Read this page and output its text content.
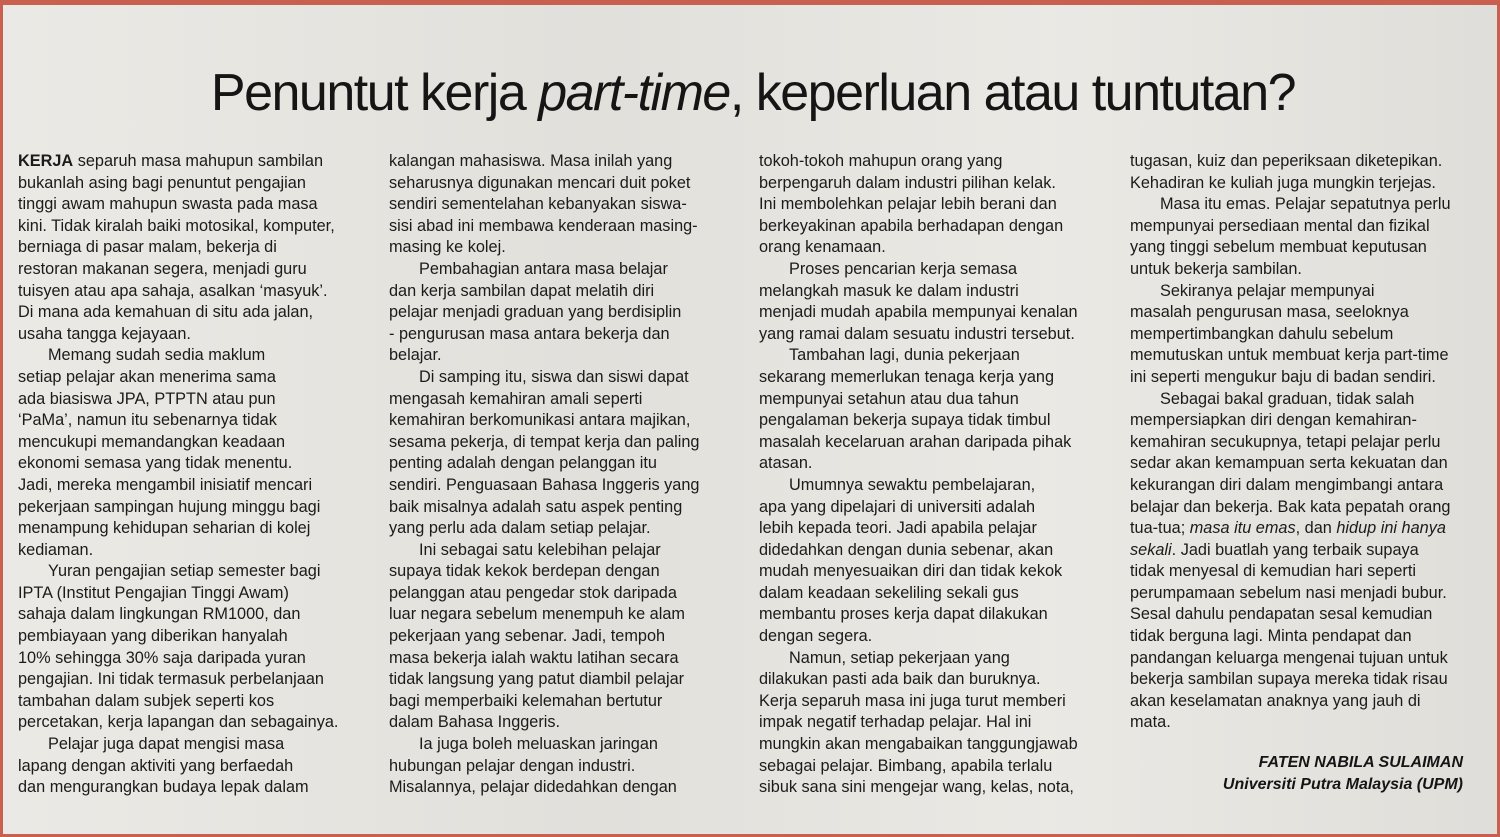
Penuntut kerja part-time, keperluan atau tuntutan?
KERJA separuh masa mahupun sambilan
bukanlah asing bagi penuntut pengajian
tinggi awam mahupun swasta pada masa
kini. Tidak kiralah baiki motosikal, komputer,
berniaga di pasar malam, bekerja di
restoran makanan segera, menjadi guru
tuisyen atau apa sahaja, asalkan ‘masyuk’.
Di mana ada kemahuan di situ ada jalan,
usaha tangga kejayaan.
Memang sudah sedia maklum
setiap pelajar akan menerima sama
ada biasiswa JPA, PTPTN atau pun
‘PaMa’, namun itu sebenarnya tidak
mencukupi memandangkan keadaan
ekonomi semasa yang tidak menentu.
Jadi, mereka mengambil inisiatif mencari
pekerjaan sampingan hujung minggu bagi
menampung kehidupan seharian di kolej
kediaman.
Yuran pengajian setiap semester bagi
IPTA (Institut Pengajian Tinggi Awam)
sahaja dalam lingkungan RM1000, dan
pembiayaan yang diberikan hanyalah
10% sehingga 30% saja daripada yuran
pengajian. Ini tidak termasuk perbelanjaan
tambahan dalam subjek seperti kos
percetakan, kerja lapangan dan sebagainya.
Pelajar juga dapat mengisi masa
lapang dengan aktiviti yang berfaedah
dan mengurangkan budaya lepak dalam
kalangan mahasiswa. Masa inilah yang
seharusnya digunakan mencari duit poket
sendiri sementelahan kebanyakan siswa-
sisi abad ini membawa kenderaan masing-
masing ke kolej.
Pembahagian antara masa belajar
dan kerja sambilan dapat melatih diri
pelajar menjadi graduan yang berdisiplin
- pengurusan masa antara bekerja dan
belajar.
Di samping itu, siswa dan siswi dapat
mengasah kemahiran amali seperti
kemahiran berkomunikasi antara majikan,
sesama pekerja, di tempat kerja dan paling
penting adalah dengan pelanggan itu
sendiri. Penguasaan Bahasa Inggeris yang
baik misalnya adalah satu aspek penting
yang perlu ada dalam setiap pelajar.
Ini sebagai satu kelebihan pelajar
supaya tidak kekok berdepan dengan
pelanggan atau pengedar stok daripada
luar negara sebelum menempuh ke alam
pekerjaan yang sebenar. Jadi, tempoh
masa bekerja ialah waktu latihan secara
tidak langsung yang patut diambil pelajar
bagi memperbaiki kelemahan bertutur
dalam Bahasa Inggeris.
Ia juga boleh meluaskan jaringan
hubungan pelajar dengan industri.
Misalannya, pelajar didedahkan dengan
tokoh-tokoh mahupun orang yang
berpengaruh dalam industri pilihan kelak.
Ini membolehkan pelajar lebih berani dan
berkeyakinan apabila berhadapan dengan
orang kenamaan.
Proses pencarian kerja semasa
melangkah masuk ke dalam industri
menjadi mudah apabila mempunyai kenalan
yang ramai dalam sesuatu industri tersebut.
Tambahan lagi, dunia pekerjaan
sekarang memerlukan tenaga kerja yang
mempunyai setahun atau dua tahun
pengalaman bekerja supaya tidak timbul
masalah kecelaruan arahan daripada pihak
atasan.
Umumnya sewaktu pembelajaran,
apa yang dipelajari di universiti adalah
lebih kepada teori. Jadi apabila pelajar
didedahkan dengan dunia sebenar, akan
mudah menyesuaikan diri dan tidak kekok
dalam keadaan sekeliling sekali gus
membantu proses kerja dapat dilakukan
dengan segera.
Namun, setiap pekerjaan yang
dilakukan pasti ada baik dan buruknya.
Kerja separuh masa ini juga turut memberi
impak negatif terhadap pelajar. Hal ini
mungkin akan mengabaikan tanggungjawab
sebagai pelajar. Bimbang, apabila terlalu
sibuk sana sini mengejar wang, kelas, nota,
tugasan, kuiz dan peperiksaan diketepikan.
Kehadiran ke kuliah juga mungkin terjejas.
Masa itu emas. Pelajar sepatutnya perlu
mempunyai persediaan mental dan fizikal
yang tinggi sebelum membuat keputusan
untuk bekerja sambilan.
Sekiranya pelajar mempunyai
masalah pengurusan masa, seeloknya
mempertimbangkan dahulu sebelum
memutuskan untuk membuat kerja part-time
ini seperti mengukur baju di badan sendiri.
Sebagai bakal graduan, tidak salah
mempersiapkan diri dengan kemahiran-
kemahiran secukupnya, tetapi pelajar perlu
sedar akan kemampuan serta kekuatan dan
kekurangan diri dalam mengimbangi antara
belajar dan bekerja. Bak kata pepatah orang
tua-tua; masa itu emas, dan hidup ini hanya
sekali. Jadi buatlah yang terbaik supaya
tidak menyesal di kemudian hari seperti
perumpamaan sebelum nasi menjadi bubur.
Sesal dahulu pendapatan sesal kemudian
tidak berguna lagi. Minta pendapat dan
pandangan keluarga mengenai tujuan untuk
bekerja sambilan supaya mereka tidak risau
akan keselamatan anaknya yang jauh di
mata.
FATEN NABILA SULAIMAN
Universiti Putra Malaysia (UPM)
